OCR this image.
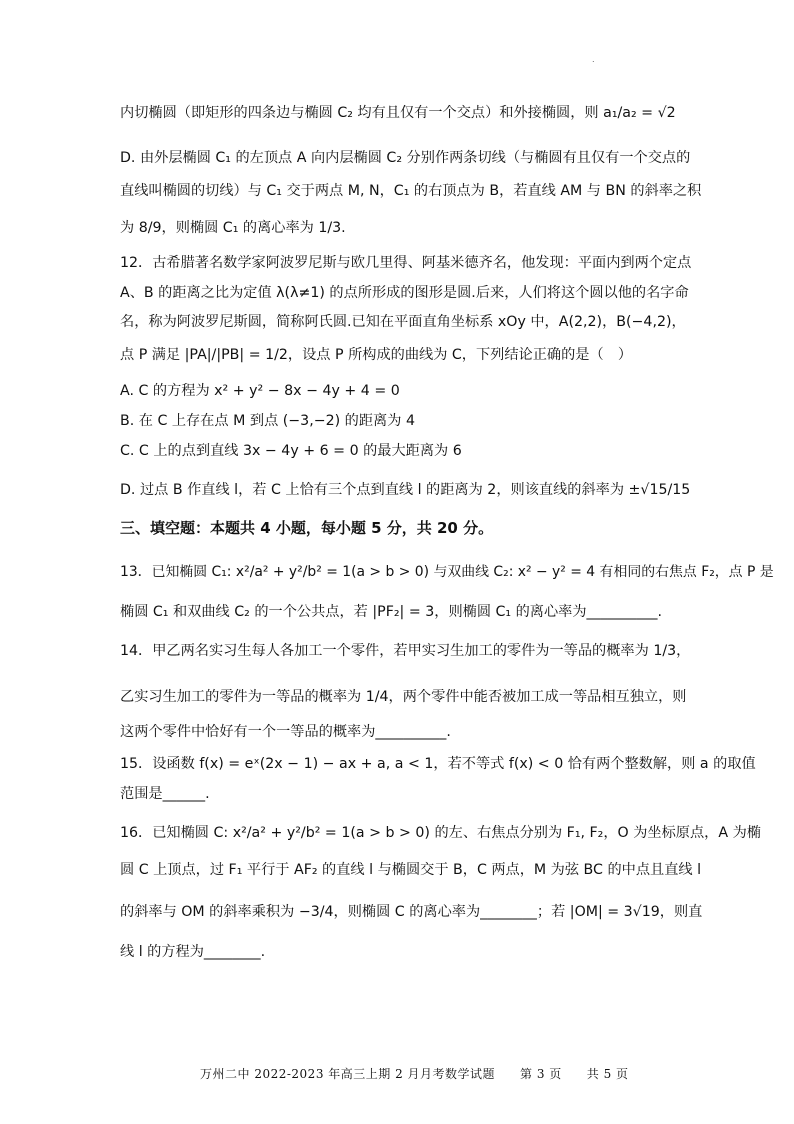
.
内切椭圆（即矩形的四条边与椭圆 C₂ 均有且仅有一个交点）和外接椭圆，则 a₁/a₂ = √2
D. 由外层椭圆 C₁ 的左顶点 A 向内层椭圆 C₂ 分别作两条切线（与椭圆有且仅有一个交点的
直线叫椭圆的切线）与 C₁ 交于两点 M, N，C₁ 的右顶点为 B，若直线 AM 与 BN 的斜率之积
为 8/9，则椭圆 C₁ 的离心率为 1/3.
12．古希腊著名数学家阿波罗尼斯与欧几里得、阿基米德齐名，他发现：平面内到两个定点
A、B 的距离之比为定值 λ(λ≠1) 的点所形成的图形是圆.后来，人们将这个圆以他的名字命
名，称为阿波罗尼斯圆，简称阿氏圆.已知在平面直角坐标系 xOy 中，A(2,2)，B(−4,2)，
点 P 满足 |PA|/|PB| = 1/2，设点 P 所构成的曲线为 C，下列结论正确的是（　）
A. C 的方程为 x² + y² − 8x − 4y + 4 = 0
B. 在 C 上存在点 M 到点 (−3,−2) 的距离为 4
C. C 上的点到直线 3x − 4y + 6 = 0 的最大距离为 6
D. 过点 B 作直线 l，若 C 上恰有三个点到直线 l 的距离为 2，则该直线的斜率为 ±√15/15
三、填空题：本题共 4 小题，每小题 5 分，共 20 分。
13．已知椭圆 C₁: x²/a² + y²/b² = 1(a > b > 0) 与双曲线 C₂: x² − y² = 4 有相同的右焦点 F₂，点 P 是
椭圆 C₁ 和双曲线 C₂ 的一个公共点，若 |PF₂| = 3，则椭圆 C₁ 的离心率为__________.
14．甲乙两名实习生每人各加工一个零件，若甲实习生加工的零件为一等品的概率为 1/3，
乙实习生加工的零件为一等品的概率为 1/4，两个零件中能否被加工成一等品相互独立，则
这两个零件中恰好有一个一等品的概率为__________.
15．设函数 f(x) = eˣ(2x − 1) − ax + a, a < 1，若不等式 f(x) < 0 恰有两个整数解，则 a 的取值
范围是______.
16．已知椭圆 C: x²/a² + y²/b² = 1(a > b > 0) 的左、右焦点分别为 F₁, F₂，O 为坐标原点，A 为椭
圆 C 上顶点，过 F₁ 平行于 AF₂ 的直线 l 与椭圆交于 B，C 两点，M 为弦 BC 的中点且直线 l
的斜率与 OM 的斜率乘积为 −3/4，则椭圆 C 的离心率为________；若 |OM| = 3√19，则直
线 l 的方程为________.
万州二中 2022-2023 年高三上期 2 月月考数学试题　　第 3 页　　共 5 页
